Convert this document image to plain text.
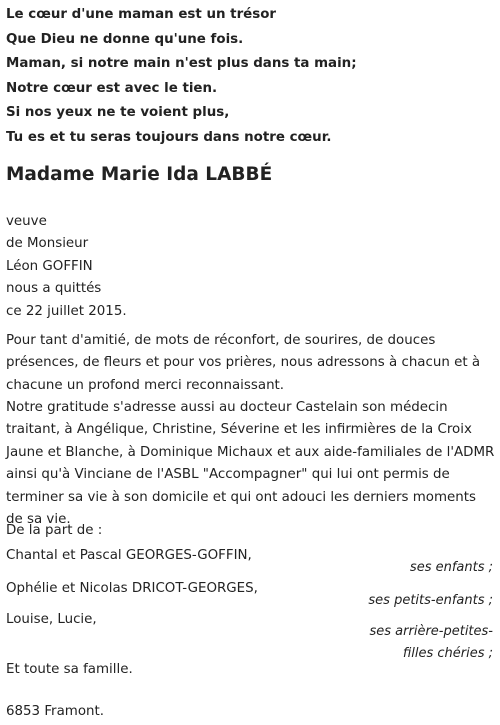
Le cœur d'une maman est un trésor
Que Dieu ne donne qu'une fois.
Maman, si notre main n'est plus dans ta main;
Notre cœur est avec le tien.
Si nos yeux ne te voient plus,
Tu es et tu seras toujours dans notre cœur.
Madame Marie Ida LABBÉ
veuve
de Monsieur
Léon GOFFIN
nous a quittés
ce 22 juillet 2015.
Pour tant d'amitié, de mots de réconfort, de sourires, de douces
présences, de fleurs et pour vos prières, nous adressons à chacun et à
chacune un profond merci reconnaissant.
Notre gratitude s'adresse aussi au docteur Castelain son médecin
traitant, à Angélique, Christine, Séverine et les infirmières de la Croix
Jaune et Blanche, à Dominique Michaux et aux aide-familiales de l'ADMR
ainsi qu'à Vinciane de l'ASBL "Accompagner" qui lui ont permis de
terminer sa vie à son domicile et qui ont adouci les derniers moments
de sa vie.
De la part de :
Chantal et Pascal GEORGES-GOFFIN,
ses enfants ;
Ophélie et Nicolas DRICOT-GEORGES,
ses petits-enfants ;
Louise, Lucie,
ses arrière-petites-
filles chéries ;
Et toute sa famille.
6853 Framont.
